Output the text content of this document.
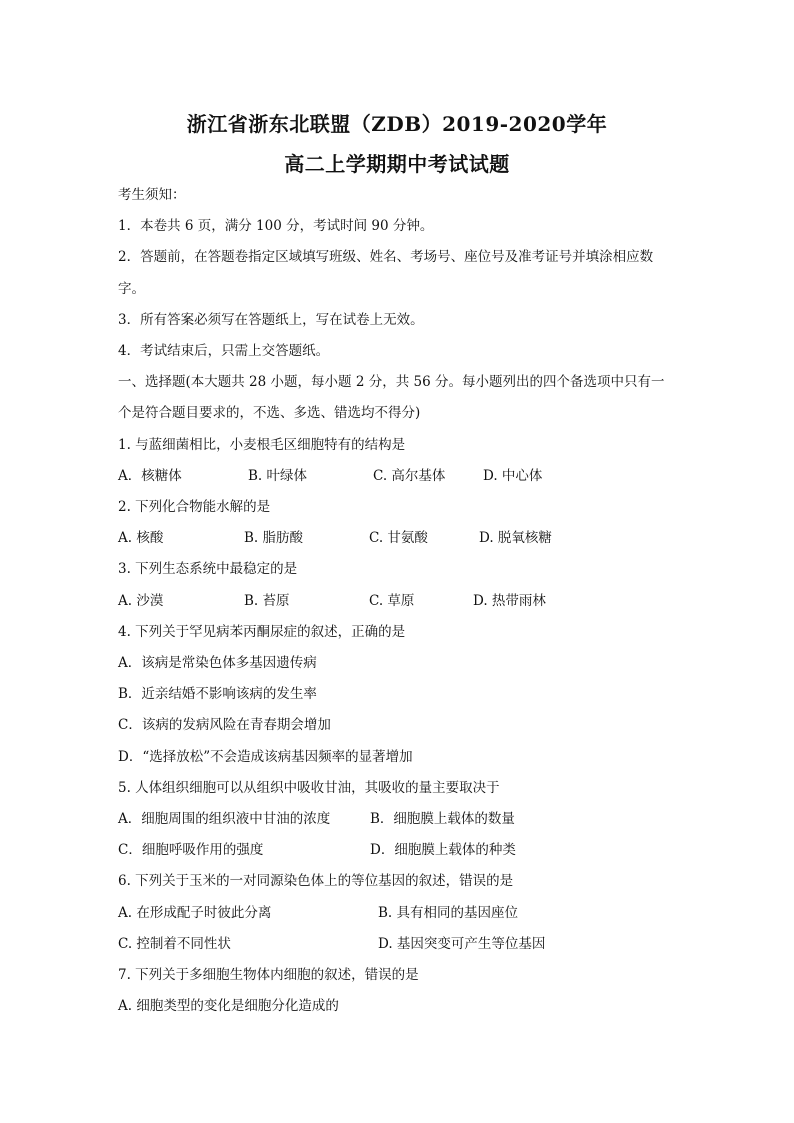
浙江省浙东北联盟（ZDB）2019-2020学年
高二上学期期中考试试题
考生须知：
1．本卷共 6 页，满分 100 分，考试时间 90 分钟。
2．答题前，在答题卷指定区域填写班级、姓名、考场号、座位号及准考证号并填涂相应数
字。
3．所有答案必须写在答题纸上，写在试卷上无效。
4．考试结束后，只需上交答题纸。
一、选择题(本大题共 28 小题，每小题 2 分，共 56 分。每小题列出的四个备选项中只有一
个是符合题目要求的，不选、多选、错选均不得分)
1. 与蓝细菌相比，小麦根毛区细胞特有的结构是
A．核糖体	B. 叶绿体	C. 高尔基体	D. 中心体
2. 下列化合物能水解的是
A. 核酸	B. 脂肪酸	C. 甘氨酸	D. 脱氧核糖
3. 下列生态系统中最稳定的是
A. 沙漠	B. 苔原	C. 草原	D. 热带雨林
4. 下列关于罕见病苯丙酮尿症的叙述，正确的是
A．该病是常染色体多基因遗传病
B．近亲结婚不影响该病的发生率
C．该病的发病风险在青春期会增加
D．“选择放松”不会造成该病基因频率的显著增加
5. 人体组织细胞可以从组织中吸收甘油，其吸收的量主要取决于
A．细胞周围的组织液中甘油的浓度	B．细胞膜上载体的数量
C．细胞呼吸作用的强度	D．细胞膜上载体的种类
6. 下列关于玉米的一对同源染色体上的等位基因的叙述，错误的是
A. 在形成配子时彼此分离	B. 具有相同的基因座位
C. 控制着不同性状	D. 基因突变可产生等位基因
7. 下列关于多细胞生物体内细胞的叙述，错误的是
A. 细胞类型的变化是细胞分化造成的
